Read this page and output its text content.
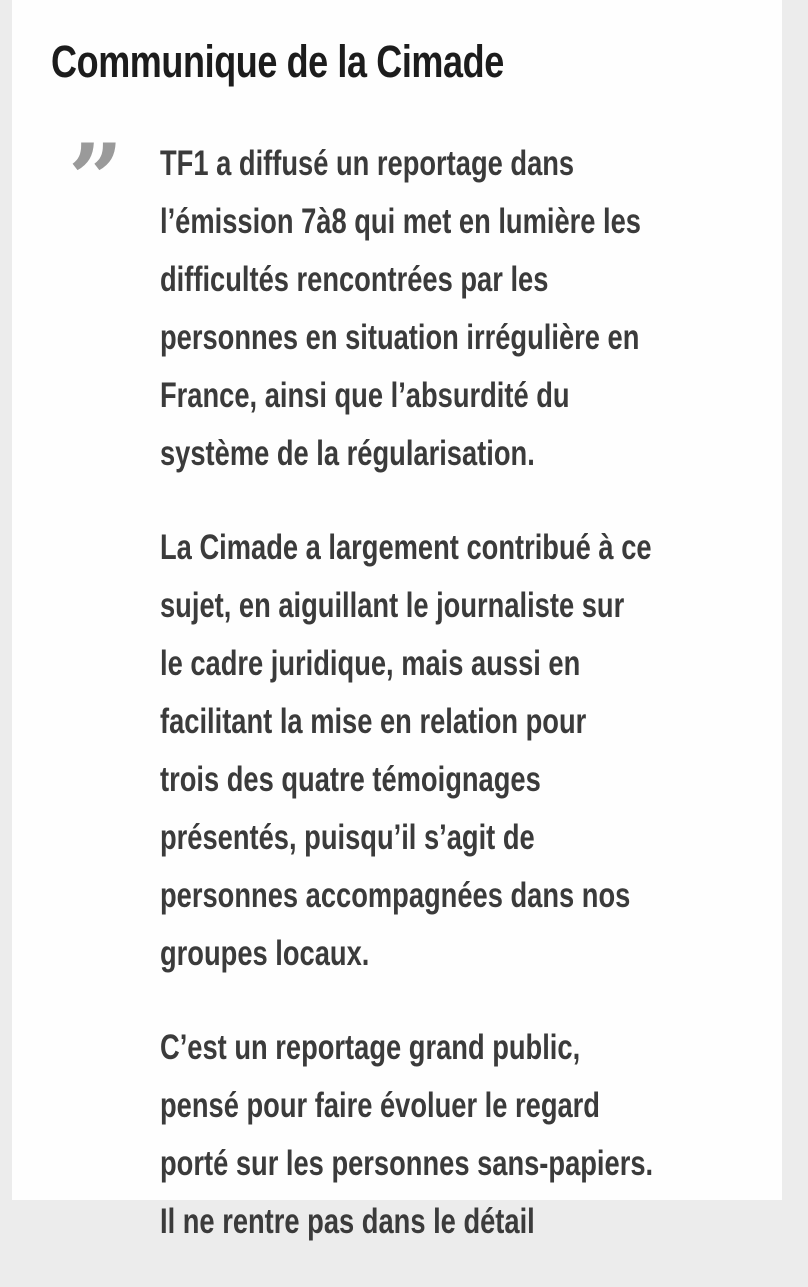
Communique de la Cimade
” TF1 a diffusé un reportage dans
l’émission 7à8 qui met en lumière les
difficultés rencontrées par les
personnes en situation irrégulière en
France, ainsi que l’absurdité du
système de la régularisation.

La Cimade a largement contribué à ce
sujet, en aiguillant le journaliste sur
le cadre juridique, mais aussi en
facilitant la mise en relation pour
trois des quatre témoignages
présentés, puisqu’il s’agit de
personnes accompagnées dans nos
groupes locaux.

C’est un reportage grand public,
pensé pour faire évoluer le regard
porté sur les personnes sans-papiers.
Il ne rentre pas dans le détail
